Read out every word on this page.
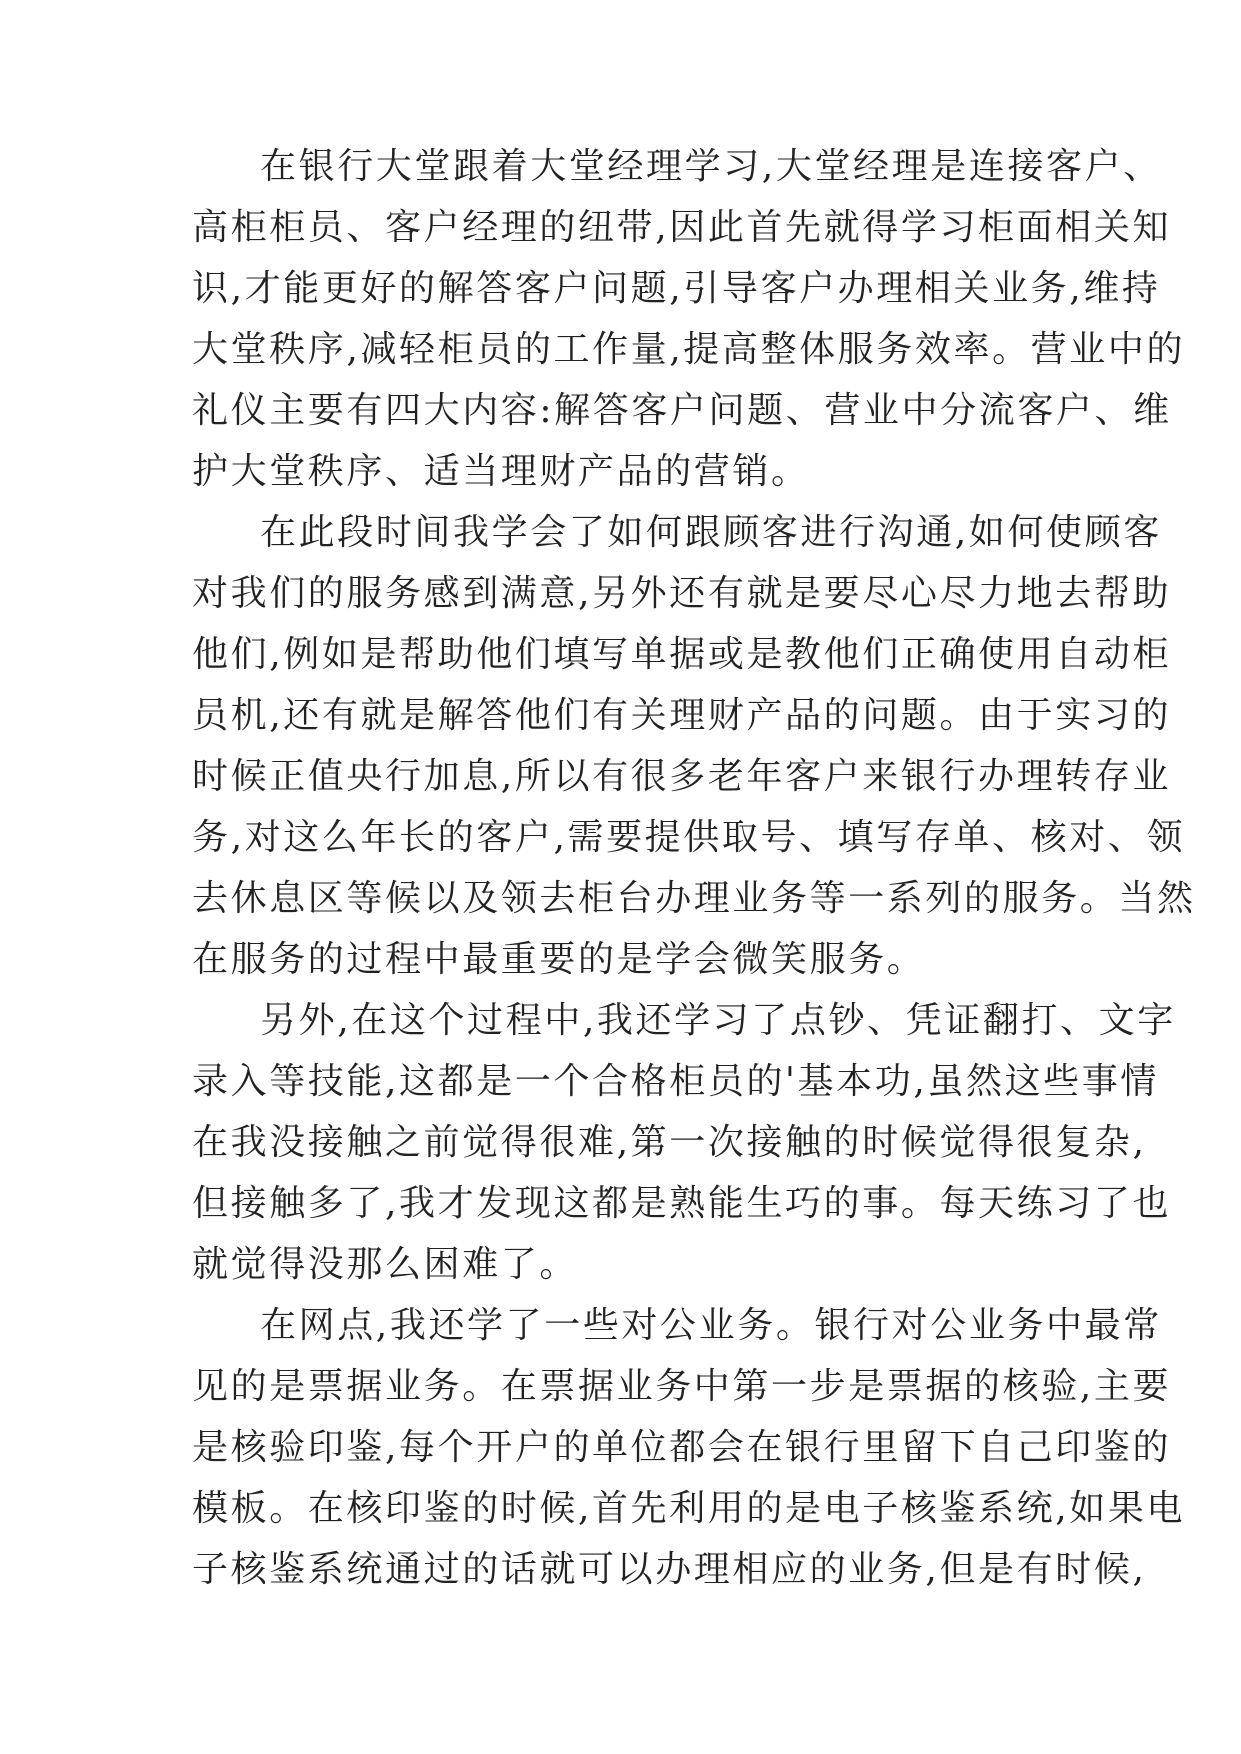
在银行大堂跟着大堂经理学习,大堂经理是连接客户、
高柜柜员、客户经理的纽带,因此首先就得学习柜面相关知
识,才能更好的解答客户问题,引导客户办理相关业务,维持
大堂秩序,减轻柜员的工作量,提高整体服务效率。营业中的
礼仪主要有四大内容:解答客户问题、营业中分流客户、维
护大堂秩序、适当理财产品的营销。
在此段时间我学会了如何跟顾客进行沟通,如何使顾客
对我们的服务感到满意,另外还有就是要尽心尽力地去帮助
他们,例如是帮助他们填写单据或是教他们正确使用自动柜
员机,还有就是解答他们有关理财产品的问题。由于实习的
时候正值央行加息,所以有很多老年客户来银行办理转存业
务,对这么年长的客户,需要提供取号、填写存单、核对、领
去休息区等候以及领去柜台办理业务等一系列的服务。当然
在服务的过程中最重要的是学会微笑服务。
另外,在这个过程中,我还学习了点钞、凭证翻打、文字
录入等技能,这都是一个合格柜员的'基本功,虽然这些事情
在我没接触之前觉得很难,第一次接触的时候觉得很复杂,
但接触多了,我才发现这都是熟能生巧的事。每天练习了也
就觉得没那么困难了。
在网点,我还学了一些对公业务。银行对公业务中最常
见的是票据业务。在票据业务中第一步是票据的核验,主要
是核验印鉴,每个开户的单位都会在银行里留下自己印鉴的
模板。在核印鉴的时候,首先利用的是电子核鉴系统,如果电
子核鉴系统通过的话就可以办理相应的业务,但是有时候,
